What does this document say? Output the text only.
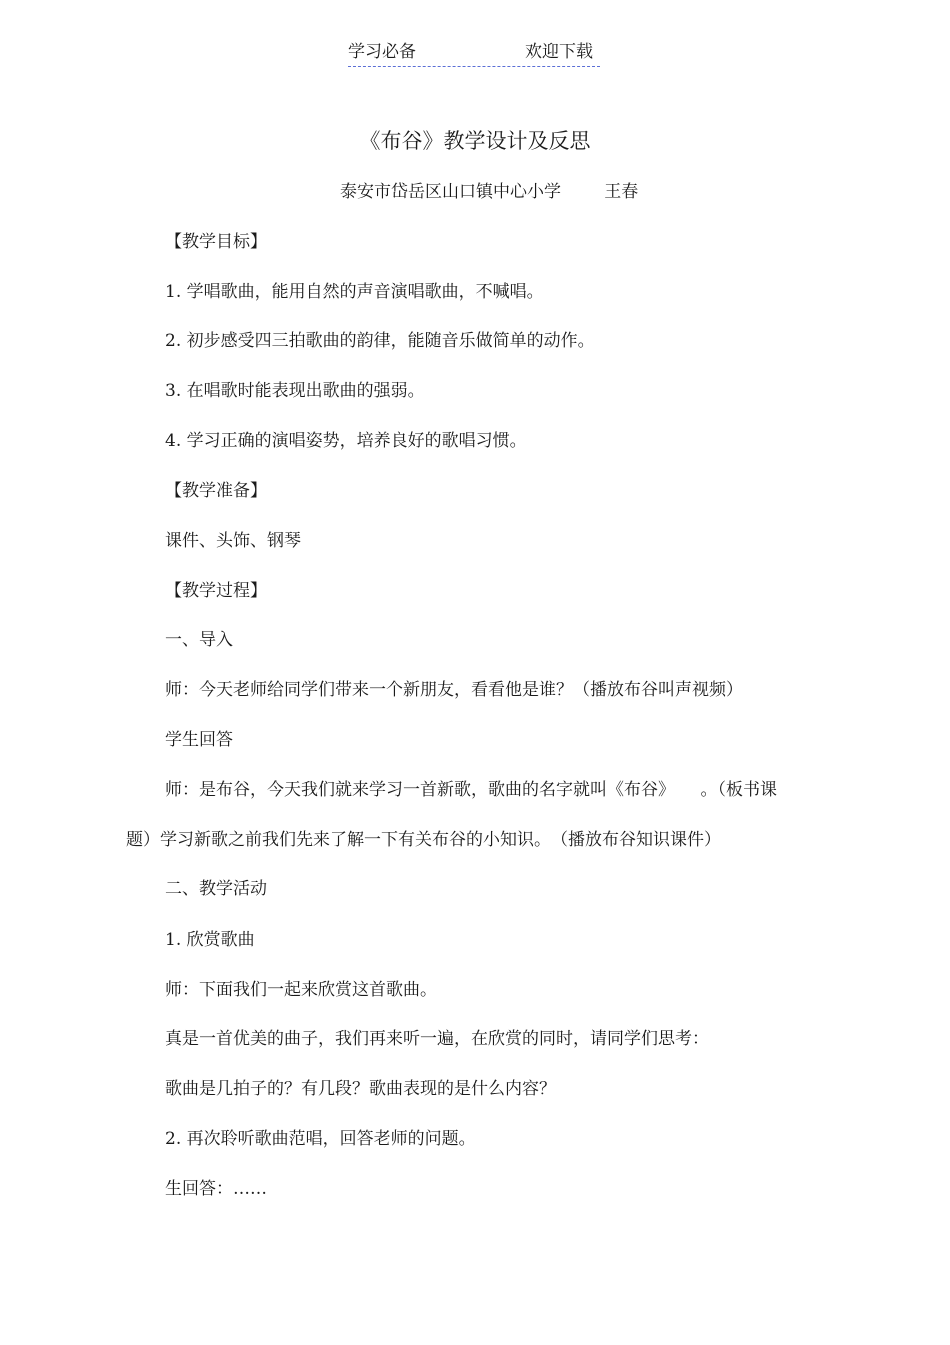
学习必备	欢迎下载
《布谷》教学设计及反思
泰安市岱岳区山口镇中心小学	王春
【教学目标】
1. 学唱歌曲，能用自然的声音演唱歌曲，不喊唱。
2. 初步感受四三拍歌曲的韵律，能随音乐做简单的动作。
3. 在唱歌时能表现出歌曲的强弱。
4. 学习正确的演唱姿势，培养良好的歌唱习惯。
【教学准备】
课件、头饰、钢琴
【教学过程】
一、导入
师：今天老师给同学们带来一个新朋友，看看他是谁？（播放布谷叫声视频）
学生回答
师：是布谷，今天我们就来学习一首新歌，歌曲的名字就叫《布谷》　　。（板书课
题）学习新歌之前我们先来了解一下有关布谷的小知识。　（播放布谷知识课件）
二、教学活动
1. 欣赏歌曲
师：下面我们一起来欣赏这首歌曲。
真是一首优美的曲子，我们再来听一遍，在欣赏的同时，请同学们思考：
歌曲是几拍子的？有几段？歌曲表现的是什么内容？
2. 再次聆听歌曲范唱，回答老师的问题。
生回答：……
